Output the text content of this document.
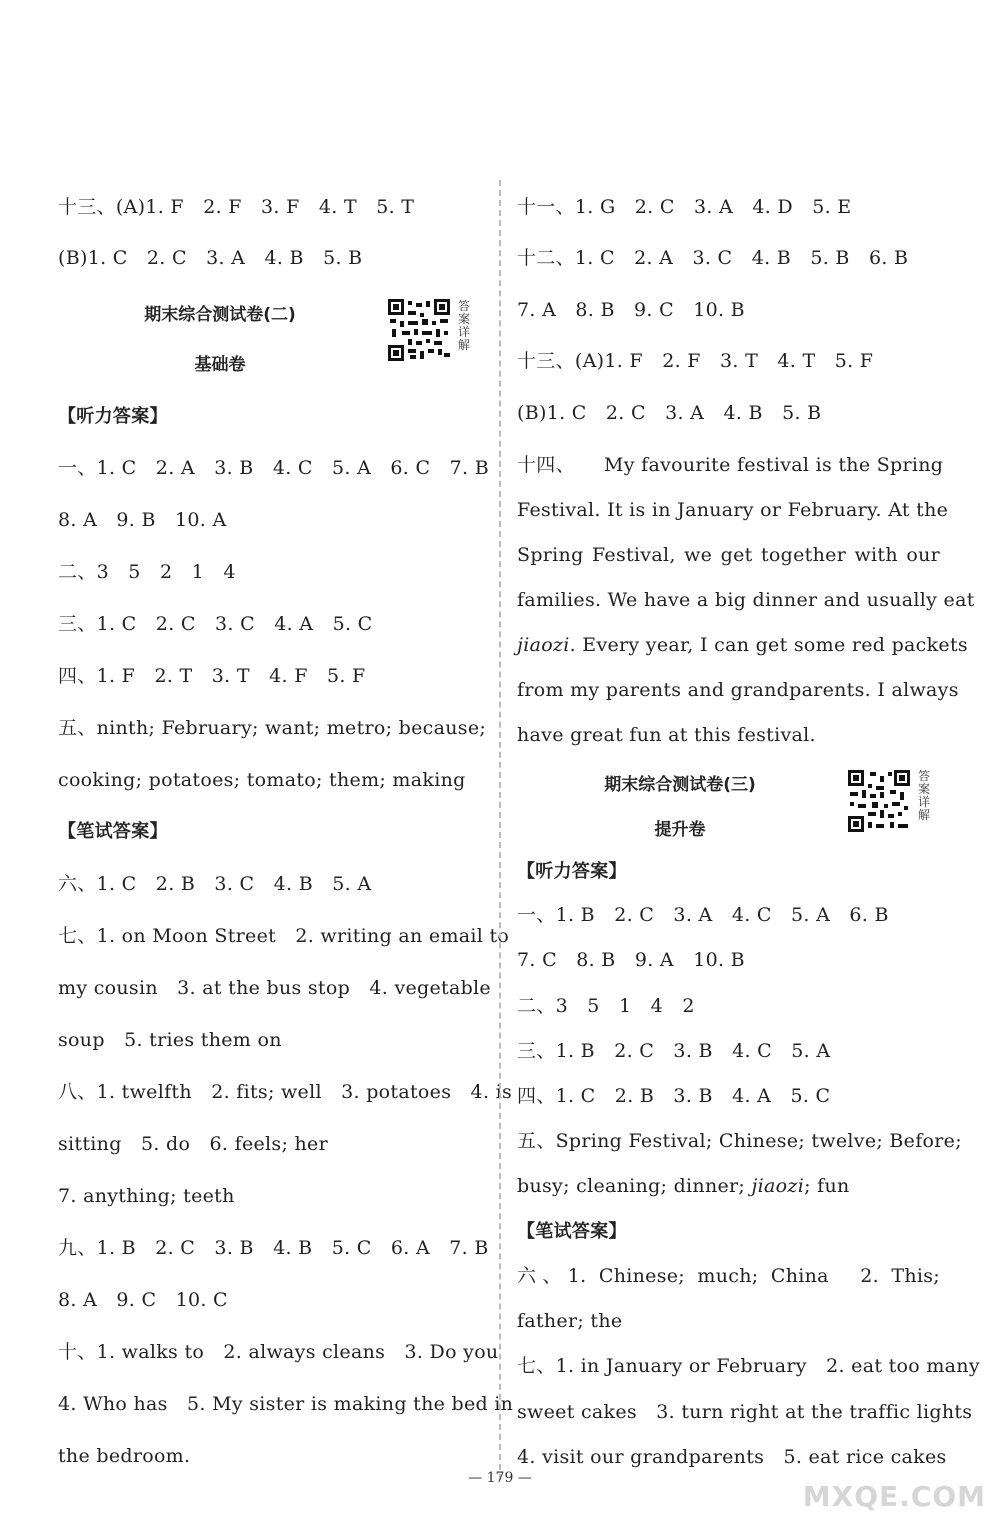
十三、(A)1. F　2. F　3. F　4. T　5. T
(B)1. C　2. C　3. A　4. B　5. B
期末综合测试卷(二)
基础卷
答案详解
【听力答案】
一、1. C　2. A　3. B　4. C　5. A　6. C　7. B
8. A　9. B　10. A
二、3　5　2　1　4
三、1. C　2. C　3. C　4. A　5. C
四、1. F　2. T　3. T　4. F　5. F
五、ninth; February; want; metro; because;
cooking; potatoes; tomato; them; making
【笔试答案】
六、1. C　2. B　3. C　4. B　5. A
七、1. on Moon Street　2. writing an email to
my cousin　3. at the bus stop　4. vegetable
soup　5. tries them on
八、1. twelfth　2. fits; well　3. potatoes　4. is
sitting　5. do　6. feels; her
7. anything; teeth
九、1. B　2. C　3. B　4. B　5. C　6. A　7. B
8. A　9. C　10. C
十、1. walks to　2. always cleans　3. Do you
4. Who has　5. My sister is making the bed in
the bedroom.
十一、1. G　2. C　3. A　4. D　5. E
十二、1. C　2. A　3. C　4. B　5. B　6. B
7. A　8. B　9. C　10. B
十三、(A)1. F　2. F　3. T　4. T　5. F
(B)1. C　2. C　3. A　4. B　5. B
十四、　　My favourite festival is the Spring
Festival. It is in January or February. At the
Spring Festival, we get together with our
families. We have a big dinner and usually eat
jiaozi. Every year, I can get some red packets
from my parents and grandparents. I always
have great fun at this festival.
期末综合测试卷(三)
提升卷
答案详解
【听力答案】
一、1. B　2. C　3. A　4. C　5. A　6. B
7. C　8. B　9. A　10. B
二、3　5　1　4　2
三、1. B　2. C　3. B　4. C　5. A
四、1. C　2. B　3. B　4. A　5. C
五、Spring Festival; Chinese; twelve; Before;
busy; cleaning; dinner; jiaozi; fun
【笔试答案】
六、1. Chinese; much; China　2. This;
father; the
七、1. in January or February　2. eat too many
sweet cakes　3. turn right at the traffic lights
4. visit our grandparents　5. eat rice cakes
— 179 —
MXQE.COM
